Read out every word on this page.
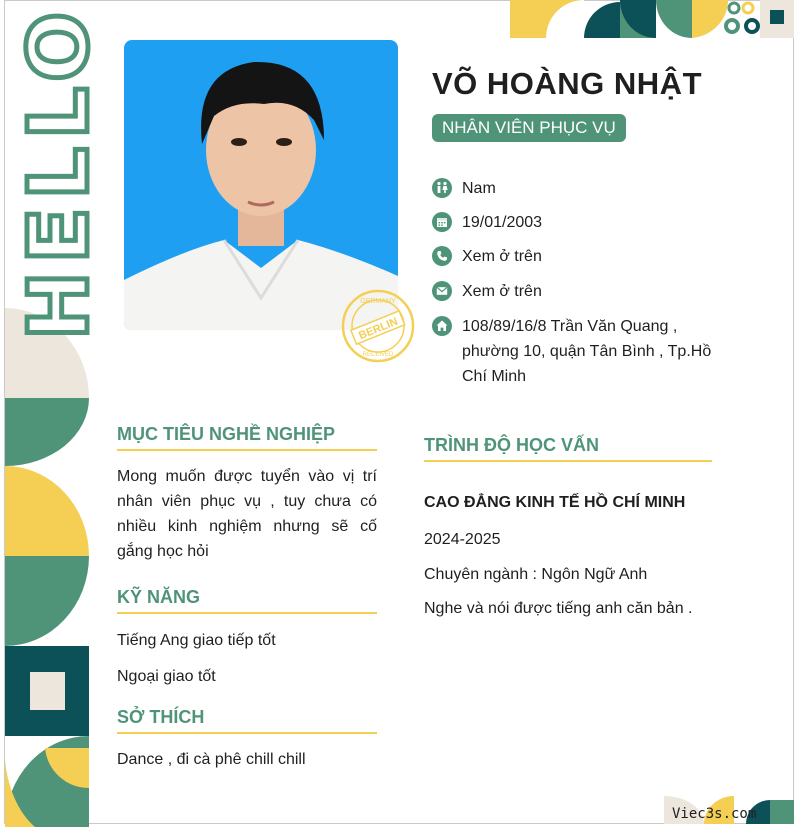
HELLO	GERMANY
BERLIN
RECEIVED
VÕ HOÀNG NHẬT
NHÂN VIÊN PHỤC VỤ
Nam
19/01/2003
Xem ở trên
Xem ở trên
108/89/16/8 Trần Văn Quang , phường 10, quận Tân Bình , Tp.Hồ Chí Minh
MỤC TIÊU NGHỀ NGHIỆP
Mong muốn được tuyển vào vị trí nhân viên phục vụ , tuy chưa có nhiều kinh nghiệm nhưng sẽ cố gắng học hỏi
KỸ NĂNG
Tiếng Ang giao tiếp tốt
Ngoại giao tốt
SỞ THÍCH
Dance , đi cà phê chill chill
TRÌNH ĐỘ HỌC VẤN
CAO ĐẲNG KINH TẾ HỒ CHÍ MINH
2024-2025
Chuyên ngành : Ngôn Ngữ Anh
Nghe và nói được tiếng anh căn bản .
Viec3s.com
